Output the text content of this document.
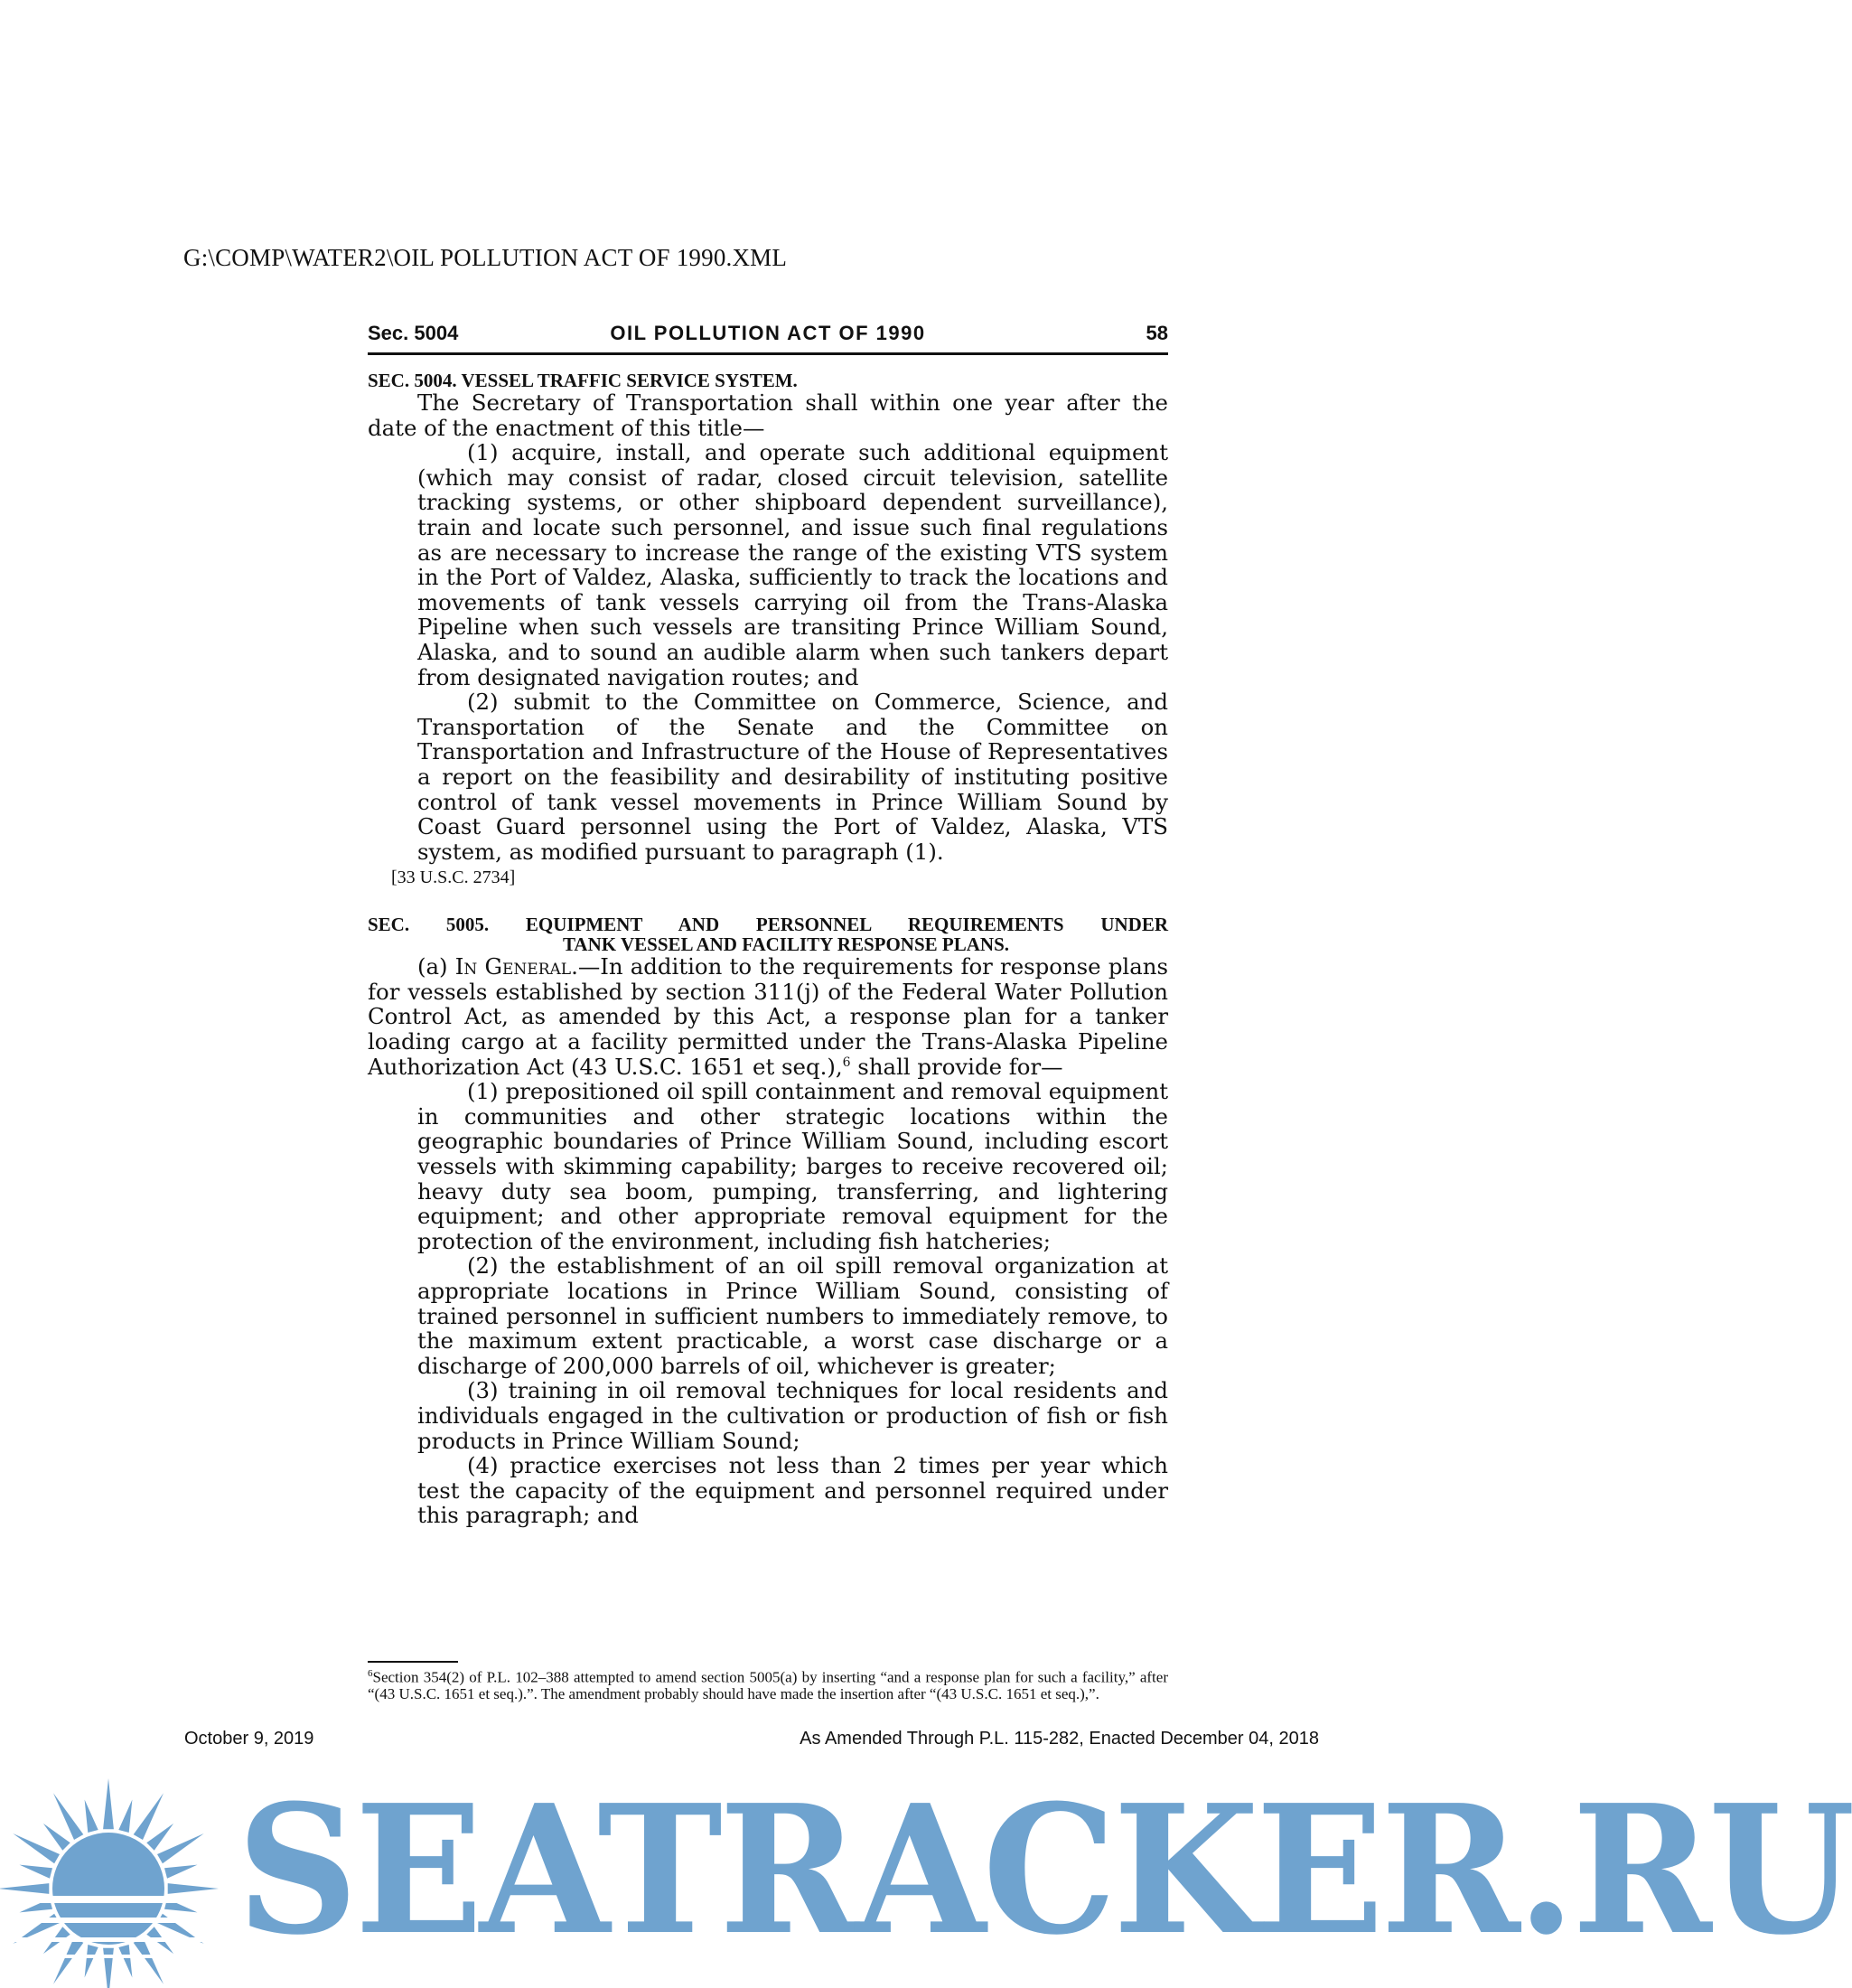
G:\COMP\WATER2\OIL POLLUTION ACT OF 1990.XML
Sec. 5004	OIL POLLUTION ACT OF 1990	58
SEC. 5004. VESSEL TRAFFIC SERVICE SYSTEM.

The Secretary of Transportation shall within one year after the date of the enactment of this title—

(1) acquire, install, and operate such additional equipment (which may consist of radar, closed circuit television, satellite tracking systems, or other shipboard dependent surveillance), train and locate such personnel, and issue such final regulations as are necessary to increase the range of the existing VTS system in the Port of Valdez, Alaska, sufficiently to track the locations and movements of tank vessels carrying oil from the Trans-Alaska Pipeline when such vessels are transiting Prince William Sound, Alaska, and to sound an audible alarm when such tankers depart from designated navigation routes; and

(2) submit to the Committee on Commerce, Science, and Transportation of the Senate and the Committee on Transportation and Infrastructure of the House of Representatives a report on the feasibility and desirability of instituting positive control of tank vessel movements in Prince William Sound by Coast Guard personnel using the Port of Valdez, Alaska, VTS system, as modified pursuant to paragraph (1).

[33 U.S.C. 2734]
SEC. 5005. EQUIPMENT AND PERSONNEL REQUIREMENTS UNDER
TANK VESSEL AND FACILITY RESPONSE PLANS.

(a) In General.—In addition to the requirements for response plans for vessels established by section 311(j) of the Federal Water Pollution Control Act, as amended by this Act, a response plan for a tanker loading cargo at a facility permitted under the Trans-Alaska Pipeline Authorization Act (43 U.S.C. 1651 et seq.),$^6$ shall provide for—

(1) prepositioned oil spill containment and removal equipment in communities and other strategic locations within the geographic boundaries of Prince William Sound, including escort vessels with skimming capability; barges to receive recovered oil; heavy duty sea boom, pumping, transferring, and lightering equipment; and other appropriate removal equipment for the protection of the environment, including fish hatcheries;

(2) the establishment of an oil spill removal organization at appropriate locations in Prince William Sound, consisting of trained personnel in sufficient numbers to immediately remove, to the maximum extent practicable, a worst case discharge or a discharge of 200,000 barrels of oil, whichever is greater;

(3) training in oil removal techniques for local residents and individuals engaged in the cultivation or production of fish or fish products in Prince William Sound;

(4) practice exercises not less than 2 times per year which test the capacity of the equipment and personnel required under this paragraph; and

$^6$Section 354(2) of P.L. 102–388 attempted to amend section 5005(a) by inserting “and a response plan for such a facility,” after “(43 U.S.C. 1651 et seq.).”. The amendment probably should have made the insertion after “(43 U.S.C. 1651 et seq.),”.
October 9, 2019	As Amended Through P.L. 115-282, Enacted December 04, 2018
SEATRACKER.RU
